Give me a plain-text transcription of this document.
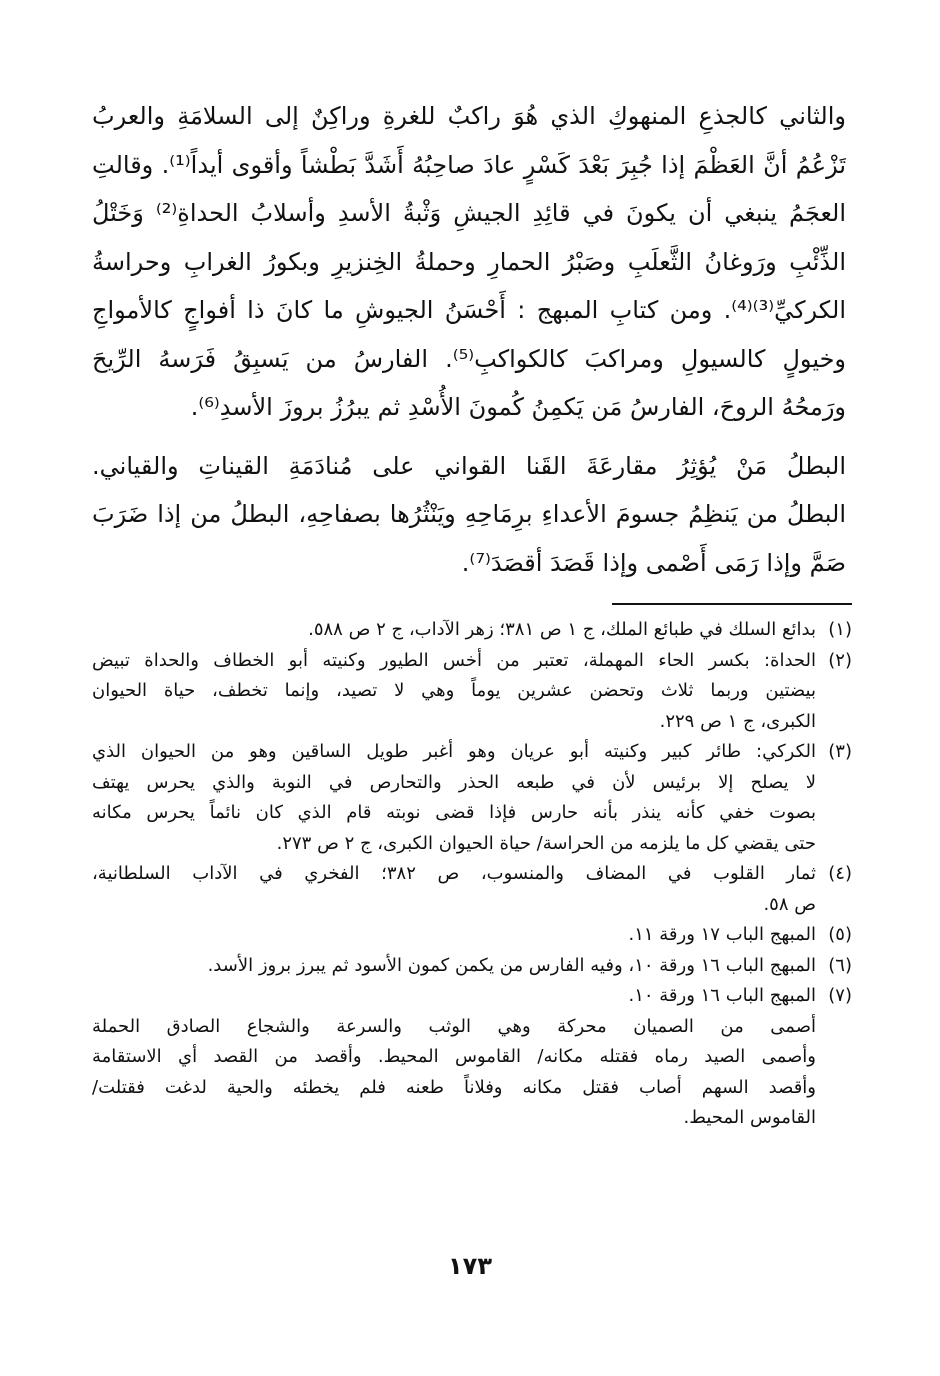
والثاني كالجذعِ المنهوكِ الذي هُوَ راكبٌ للغرةِ وراكِنٌ إلى السلامَةِ والعربُ
تَزْعُمُ أنَّ العَظْمَ إذا جُبِرَ بَعْدَ كَسْرٍ عادَ صاحِبُهُ أَشَدَّ بَطْشاً وأقوى أيداً⁽¹⁾. وقالتِ
العجَمُ ينبغي أن يكونَ في قائِدِ الجيشِ وَثْبةُ الأسدِ وأسلابُ الحداةِ⁽²⁾ وَخَتْلُ
الذِّئْبِ ورَوغانُ الثَّعلَبِ وصَبْرُ الحمارِ وحملةُ الخِنزيرِ وبكورُ الغرابِ وحراسةُ
الكركيِّ⁽³⁾⁽⁴⁾. ومن كتابِ المبهج : أَحْسَنُ الجيوشِ ما كانَ ذا أفواجٍ كالأمواجِ
وخيولٍ كالسيولِ ومراكبَ كالكواكبِ⁽⁵⁾. الفارسُ من يَسبِقُ فَرَسهُ الرِّيحَ
ورَمحُهُ الروحَ، الفارسُ مَن يَكمِنُ كُمونَ الأُسْدِ ثم يبرُزُ بروزَ الأسدِ⁽⁶⁾.
البطلُ مَنْ يُؤثِرُ مقارعَةَ القَنا القواني على مُنادَمَةِ القيناتِ والقياني.
البطلُ من يَنظِمُ جسومَ الأعداءِ برِمَاحِهِ ويَنْثُرُها بصفاحِهِ، البطلُ من إذا ضَرَبَ
صَمَّ وإذا رَمَى أَصْمى وإذا قَصَدَ أقصَدَ⁽⁷⁾.
(١)
بدائع السلك في طبائع الملك، ج ١ ص ٣٨١؛ زهر الآداب، ج ٢ ص ٥٨٨.
(٢)
الحداة: بكسر الحاء المهملة، تعتبر من أخس الطيور وكنيته أبو الخطاف والحداة تبيض
بيضتين وربما ثلاث وتحضن عشرين يوماً وهي لا تصيد، وإنما تخطف، حياة الحيوان
الكبرى، ج ١ ص ٢٢٩.
(٣)
الكركي: طائر كبير وكنيته أبو عريان وهو أغبر طويل الساقين وهو من الحيوان الذي
لا يصلح إلا برئيس لأن في طبعه الحذر والتحارص في النوبة والذي يحرس يهتف
بصوت خفي كأنه ينذر بأنه حارس فإذا قضى نوبته قام الذي كان نائماً يحرس مكانه
حتى يقضي كل ما يلزمه من الحراسة/ حياة الحيوان الكبرى، ج ٢ ص ٢٧٣.
(٤)
ثمار القلوب في المضاف والمنسوب، ص ٣٨٢؛ الفخري في الآداب السلطانية،
ص ٥٨.
(٥)
المبهج الباب ١٧ ورقة ١١.
(٦)
المبهج الباب ١٦ ورقة ١٠، وفيه الفارس من يكمن كمون الأسود ثم يبرز بروز الأسد.
(٧)
المبهج الباب ١٦ ورقة ١٠.
أصمى من الصميان محركة وهي الوثب والسرعة والشجاع الصادق الحملة
وأصمى الصيد رماه فقتله مكانه/ القاموس المحيط. وأقصد من القصد أي الاستقامة
وأقصد السهم أصاب فقتل مكانه وفلاناً طعنه فلم يخطئه والحية لدغت فقتلت/
القاموس المحيط.
١٧٣
